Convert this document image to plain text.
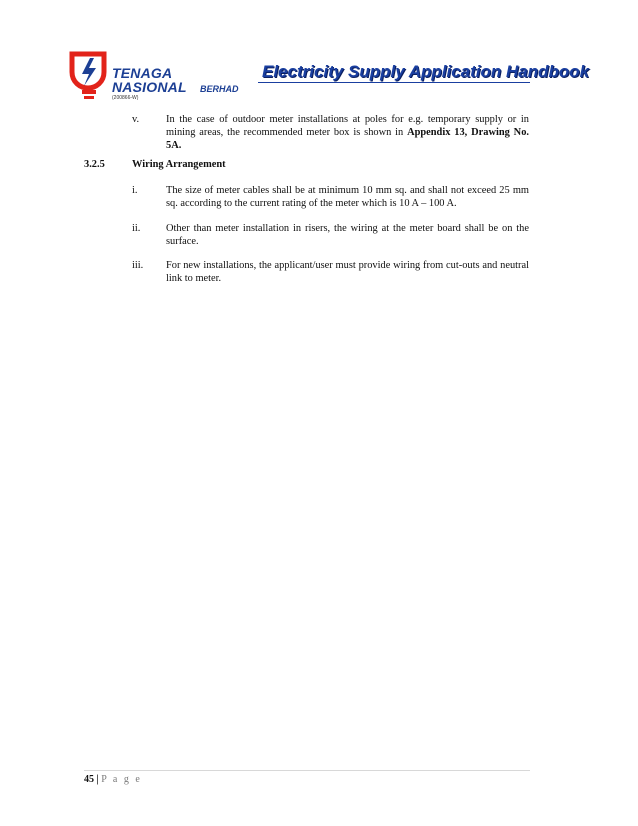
TENAGA
NASIONAL BERHAD
(200866-W)
Electricity Supply Application Handbook
v.	In the case of outdoor meter installations at poles for e.g. temporary supply or in mining areas, the recommended meter box is shown in Appendix 13, Drawing No. 5A.
3.2.5	Wiring Arrangement
i.	The size of meter cables shall be at minimum 10 mm sq. and shall not exceed 25 mm sq. according to the current rating of the meter which is 10 A – 100 A.
ii. Other than meter installation in risers, the wiring at the meter board shall be on the surface.
iii. For new installations, the applicant/user must provide wiring from cut-outs and neutral link to meter.
45 | P a g e
